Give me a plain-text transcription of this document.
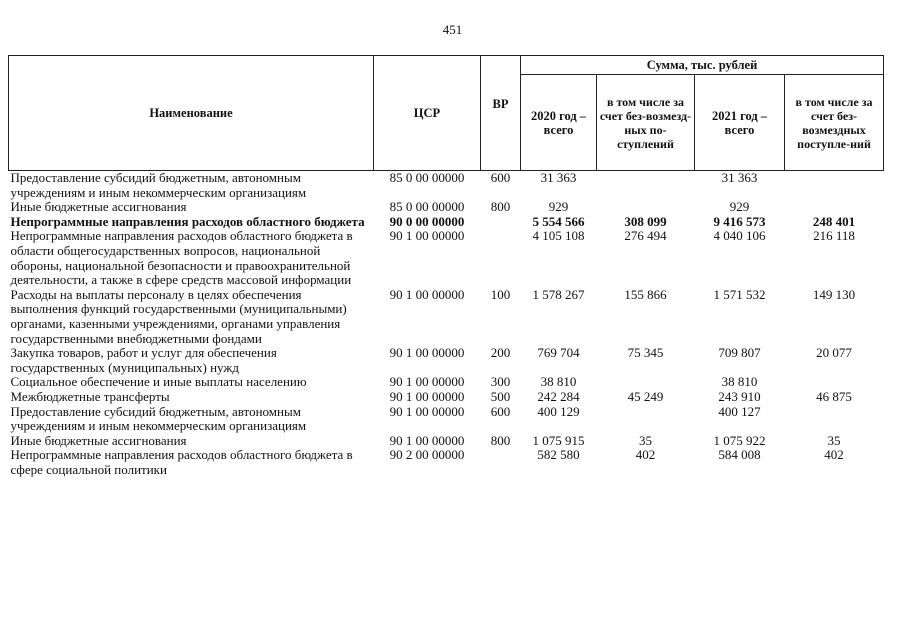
451
Наименование	ЦСР	ВР	Сумма, тыс. рублей			
			2020 год – всего	в том числе за счет без-возмезд-ных по-ступлений	2021 год – всего	в том числе за счет без-возмездных поступле-ний
Предоставление субсидий бюджетным, автономным учреждениям и иным некоммерческим организациям	85 0 00 00000	600	31 363		31 363	
Иные бюджетные ассигнования	85 0 00 00000	800	929		929	
Непрограммные направления расходов областного бюджета	90 0 00 00000		5 554 566	308 099	9 416 573	248 401
Непрограммные направления расходов областного бюджета в области общегосударственных вопросов, национальной обороны, национальной безопасности и правоохранительной деятельности, а также в сфере средств массовой информации	90 1 00 00000		4 105 108	276 494	4 040 106	216 118
Расходы на выплаты персоналу в целях обеспечения выполнения функций государственными (муниципальными) органами, казенными учреждениями, органами управления государственными внебюджетными фондами	90 1 00 00000	100	1 578 267	155 866	1 571 532	149 130
Закупка товаров, работ и услуг для обеспечения государственных (муниципальных) нужд	90 1 00 00000	200	769 704	75 345	709 807	20 077
Социальное обеспечение и иные выплаты населению	90 1 00 00000	300	38 810		38 810	
Межбюджетные трансферты	90 1 00 00000	500	242 284	45 249	243 910	46 875
Предоставление субсидий бюджетным, автономным учреждениям и иным некоммерческим организациям	90 1 00 00000	600	400 129		400 127	
Иные бюджетные ассигнования	90 1 00 00000	800	1 075 915	35	1 075 922	35
Непрограммные направления расходов областного бюджета в сфере социальной политики	90 2 00 00000		582 580	402	584 008	402
